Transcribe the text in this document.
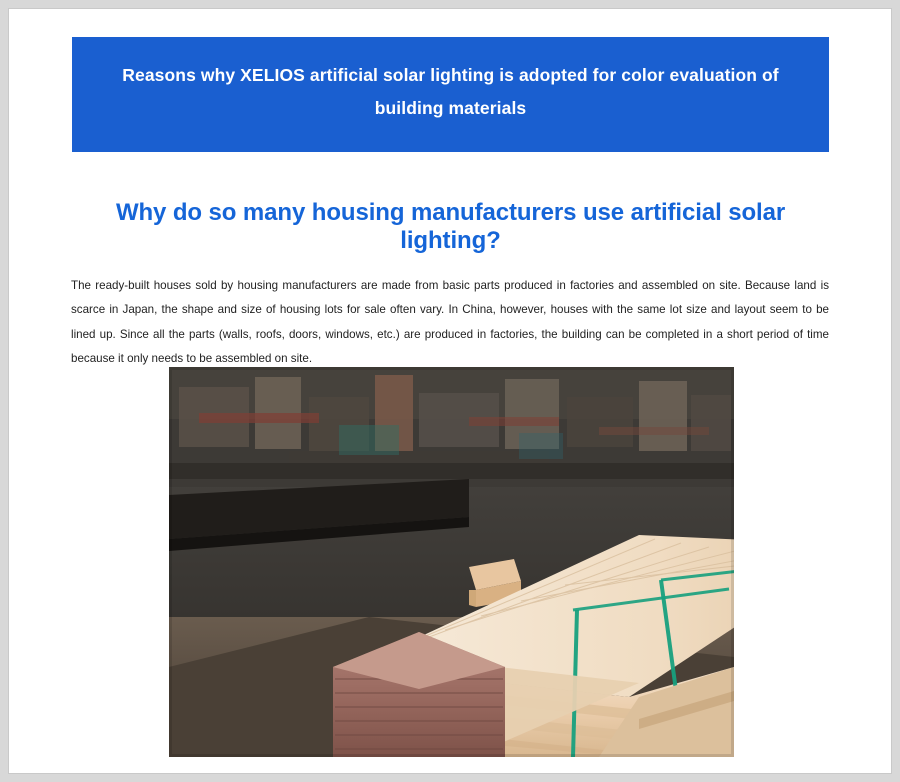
Reasons why XELIOS artificial solar lighting is adopted for color evaluation of building materials
Why do so many housing manufacturers use artificial solar lighting?
The ready-built houses sold by housing manufacturers are made from basic parts produced in factories and assembled on site. Because land is scarce in Japan, the shape and size of housing lots for sale often vary. In China, however, houses with the same lot size and layout seem to be lined up. Since all the parts (walls, roofs, doors, windows, etc.) are produced in factories, the building can be completed in a short period of time because it only needs to be assembled on site.
